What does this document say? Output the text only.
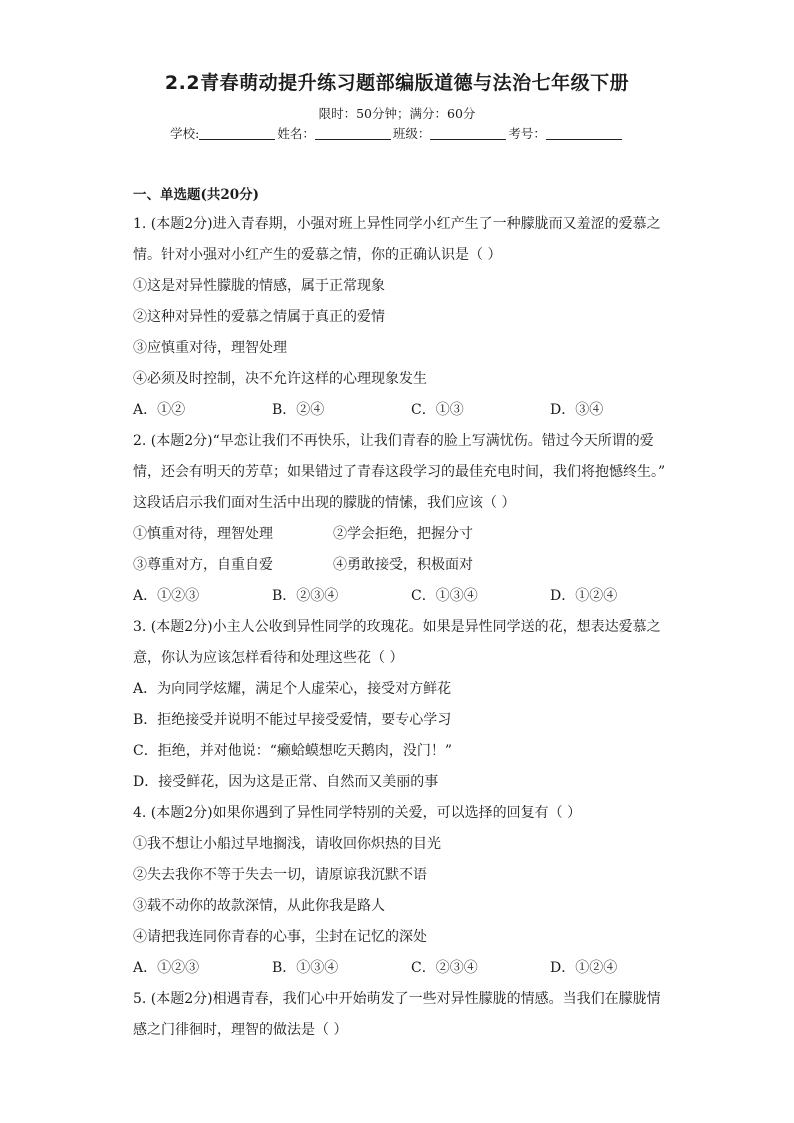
2.2青春萌动提升练习题部编版道德与法治七年级下册
限时：50分钟；满分：60分
学校:	姓名：	班级：	考号：
一、单选题(共20分)
1. (本题2分)进入青春期，小强对班上异性同学小红产生了一种朦胧而又羞涩的爱慕之
情。针对小强对小红产生的爱慕之情，你的正确认识是（ ）
①这是对异性朦胧的情感，属于正常现象
②这种对异性的爱慕之情属于真正的爱情
③应慎重对待，理智处理
④必须及时控制，决不允许这样的心理现象发生
A．①②	B．②④	C．①③	D．③④
2. (本题2分)“早恋让我们不再快乐，让我们青春的脸上写满忧伤。错过今天所谓的爱
情，还会有明天的芳草；如果错过了青春这段学习的最佳充电时间，我们将抱憾终生。”
这段话启示我们面对生活中出现的朦胧的情愫，我们应该（ ）
①慎重对待，理智处理	②学会拒绝，把握分寸
③尊重对方，自重自爱	④勇敢接受，积极面对
A．①②③	B．②③④	C．①③④	D．①②④
3. (本题2分)小主人公收到异性同学的玫瑰花。如果是异性同学送的花，想表达爱慕之
意，你认为应该怎样看待和处理这些花（ ）
A．为向同学炫耀，满足个人虚荣心，接受对方鲜花
B．拒绝接受并说明不能过早接受爱情，要专心学习
C．拒绝，并对他说：“癞蛤蟆想吃天鹅肉，没门！”
D．接受鲜花，因为这是正常、自然而又美丽的事
4. (本题2分)如果你遇到了异性同学特别的关爱，可以选择的回复有（ ）
①我不想让小船过早地搁浅，请收回你炽热的目光
②失去我你不等于失去一切，请原谅我沉默不语
③载不动你的故款深情，从此你我是路人
④请把我连同你青春的心事，尘封在记忆的深处
A．①②③	B．①③④	C．②③④	D．①②④
5. (本题2分)相遇青春，我们心中开始萌发了一些对异性朦胧的情感。当我们在朦胧情
感之门徘徊时，理智的做法是（ ）
